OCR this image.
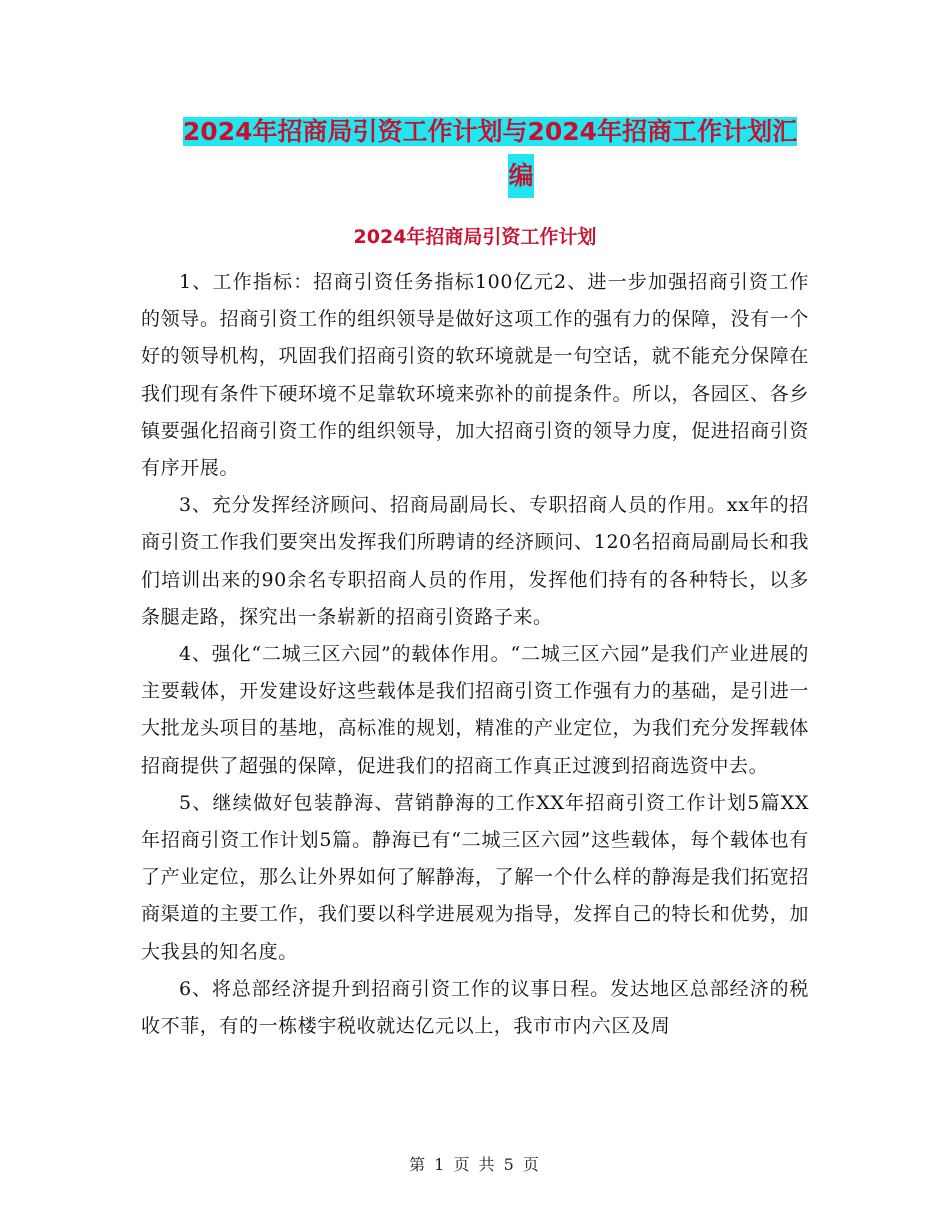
2024年招商局引资工作计划与2024年招商工作计划汇
编
2024年招商局引资工作计划

1、工作指标：招商引资任务指标100亿元2、进一步加强招商引资工作的领导。招商引资工作的组织领导是做好这项工作的强有力的保障，没有一个好的领导机构，巩固我们招商引资的软环境就是一句空话，就不能充分保障在我们现有条件下硬环境不足靠软环境来弥补的前提条件。所以，各园区、各乡镇要强化招商引资工作的组织领导，加大招商引资的领导力度，促进招商引资有序开展。

3、充分发挥经济顾问、招商局副局长、专职招商人员的作用。xx年的招商引资工作我们要突出发挥我们所聘请的经济顾问、120名招商局副局长和我们培训出来的90余名专职招商人员的作用，发挥他们持有的各种特长，以多条腿走路，探究出一条崭新的招商引资路子来。

4、强化“二城三区六园”的载体作用。“二城三区六园”是我们产业进展的主要载体，开发建设好这些载体是我们招商引资工作强有力的基础，是引进一大批龙头项目的基地，高标准的规划，精准的产业定位，为我们充分发挥载体招商提供了超强的保障，促进我们的招商工作真正过渡到招商选资中去。

5、继续做好包装静海、营销静海的工作XX年招商引资工作计划5篇XX年招商引资工作计划5篇。静海已有“二城三区六园”这些载体，每个载体也有了产业定位，那么让外界如何了解静海，了解一个什么样的静海是我们拓宽招商渠道的主要工作，我们要以科学进展观为指导，发挥自己的特长和优势，加大我县的知名度。

6、将总部经济提升到招商引资工作的议事日程。发达地区总部经济的税收不菲，有的一栋楼宇税收就达亿元以上，我市市内六区及周

第 1 页 共 5 页
